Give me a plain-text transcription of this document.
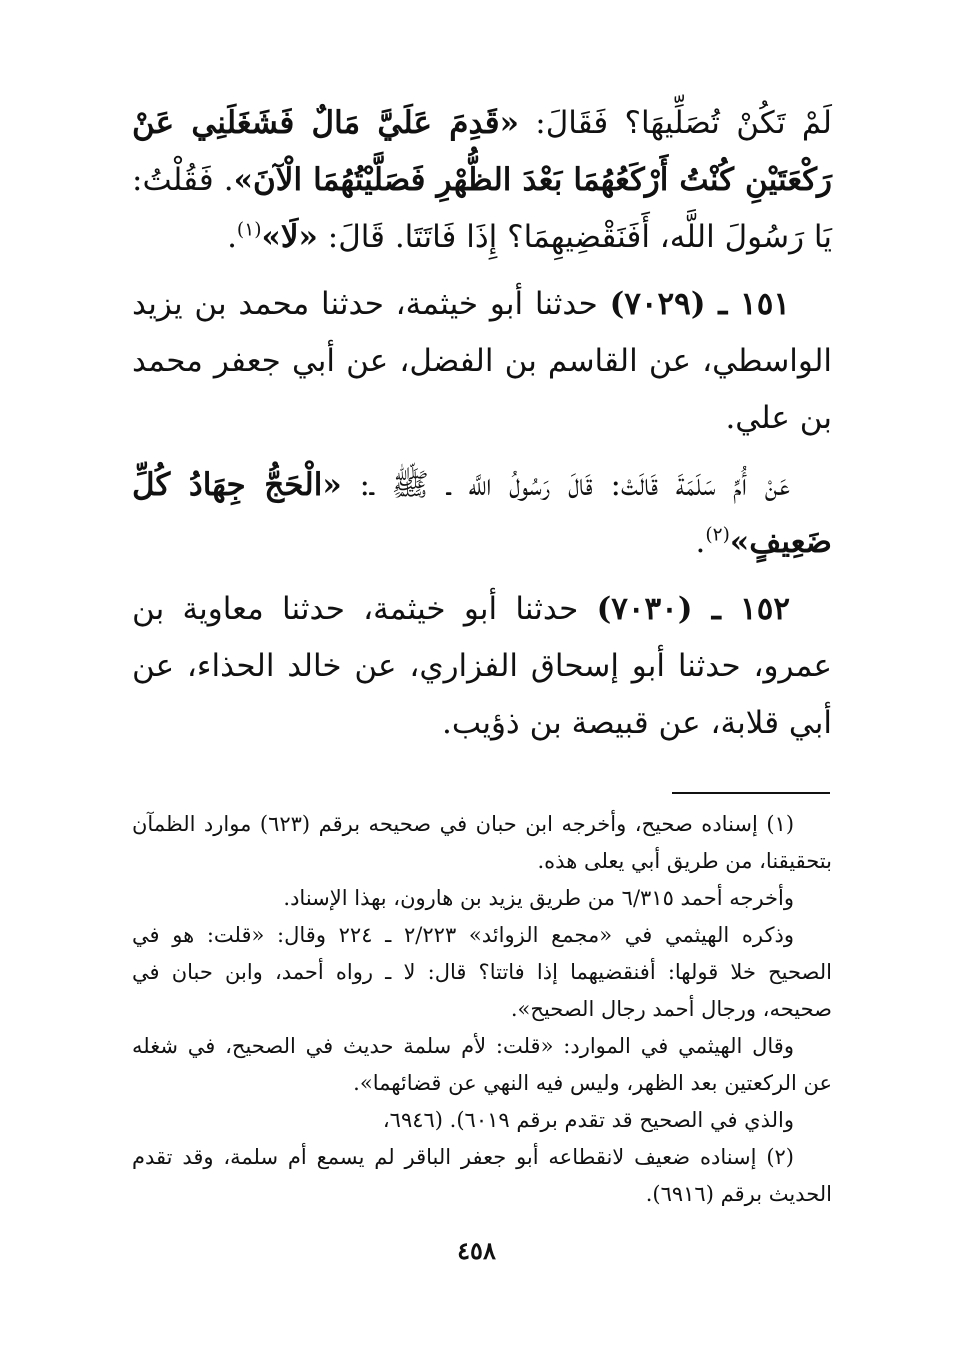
لَمْ تَكُنْ تُصَلِّيهَا؟ فَقَالَ: «قَدِمَ عَلَيَّ مَالٌ فَشَغَلَنِي عَنْ رَكْعَتَيْنِ كُنْتُ أَرْكَعُهُمَا بَعْدَ الظُّهْرِ فَصَلَّيْتُهُمَا الْآنَ». فَقُلْتُ: يَا رَسُولَ اللَّه، أَفَنَقْضِيهِمَا؟ إِذَا فَاتَتَا. قَالَ: «لَا»$^{(١)}$.

١٥١ ـ (٧٠٢٩) حدثنا أبو خيثمة، حدثنا محمد بن يزيد الواسطي، عن القاسم بن الفضل، عن أبي جعفر محمد بن علي.

عَنْ أُمِّ سَلَمَةَ قَالَتْ: قَالَ رَسُولُ اللَّه ـ ﷺ ـ: «الْحَجُّ جِهَادُ كُلِّ ضَعِيفٍ»$^{(٢)}$.

١٥٢ ـ (٧٠٣٠) حدثنا أبو خيثمة، حدثنا معاوية بن عمرو، حدثنا أبو إسحاق الفزاري، عن خالد الحذاء، عن أبي قلابة، عن قبيصة بن ذؤيب.

(١) إسناده صحيح، وأخرجه ابن حبان في صحيحه برقم (٦٢٣) موارد الظمآن بتحقيقنا، من طريق أبي يعلى هذه.

وأخرجه أحمد ٦/٣١٥ من طريق يزيد بن هارون، بهذا الإسناد.

وذكره الهيثمي في «مجمع الزوائد» ٢/٢٢٣ ـ ٢٢٤ وقال: «قلت: هو في الصحيح خلا قولها: أفنقضيهما إذا فاتتا؟ قال: لا ـ رواه أحمد، وابن حبان في صحيحه، ورجال أحمد رجال الصحيح».

وقال الهيثمي في الموارد: «قلت: لأم سلمة حديث في الصحيح، في شغله عن الركعتين بعد الظهر، وليس فيه النهي عن قضائهما».

والذي في الصحيح قد تقدم برقم ٦٠١٩). (٦٩٤٦،

(٢) إسناده ضعيف لانقطاعه أبو جعفر الباقر لم يسمع أم سلمة، وقد تقدم الحديث برقم (٦٩١٦).

٤٥٨
